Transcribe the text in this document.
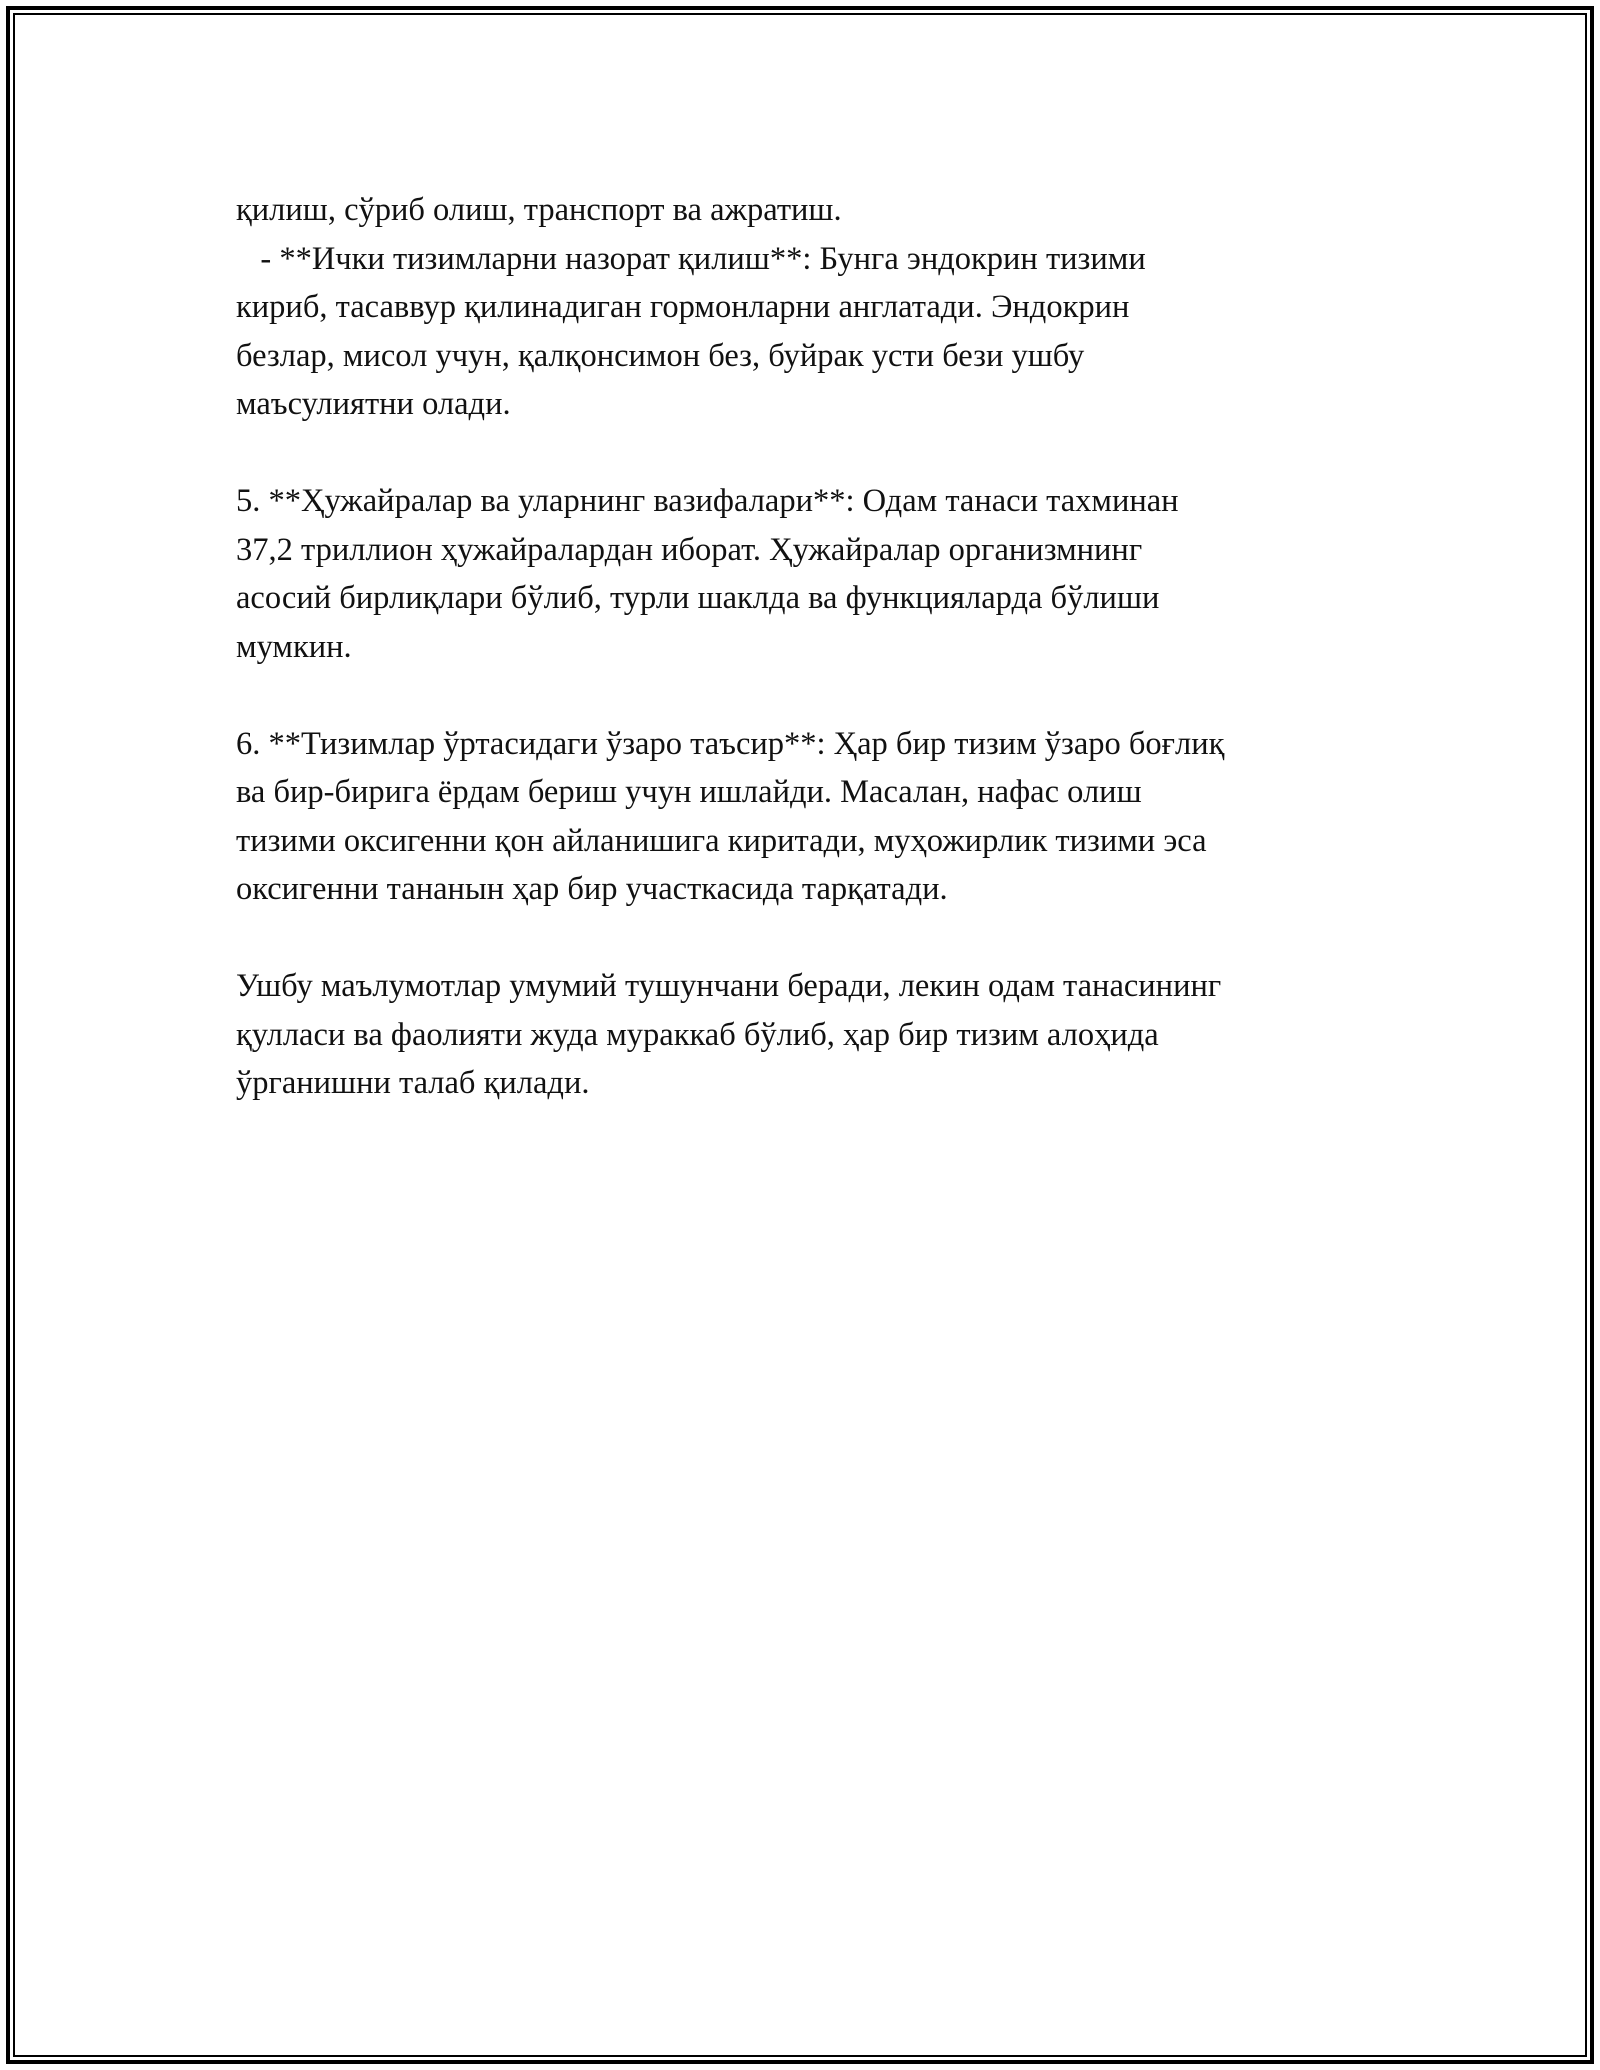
қилиш, сўриб олиш, транспорт ва ажратиш.

- **Ички тизимларни назорат қилиш**: Бунга эндокрин тизими

кириб, тасаввур қилинадиган гормонларни англатади. Эндокрин

безлар, мисол учун, қалқонсимон без, буйрак усти бези ушбу

маъсулиятни олади.

5. **Ҳужайралар ва уларнинг вазифалари**: Одам танаси тахминан

37,2 триллион ҳужайралардан иборат. Ҳужайралар организмнинг

асосий бирлиқлари бўлиб, турли шаклда ва функцияларда бўлиши

мумкин.

6. **Тизимлар ўртасидаги ўзаро таъсир**: Ҳар бир тизим ўзаро боғлиқ

ва бир-бирига ёрдам бериш учун ишлайди. Масалан, нафас олиш

тизими оксигенни қон айланишига киритади, муҳожирлик тизими эса

оксигенни тананын ҳар бир участкасида тарқатади.

Ушбу маълумотлар умумий тушунчани беради, лекин одам танасининг

қулласи ва фаолияти жуда мураккаб бўлиб, ҳар бир тизим алоҳида

ўрганишни талаб қилади.
